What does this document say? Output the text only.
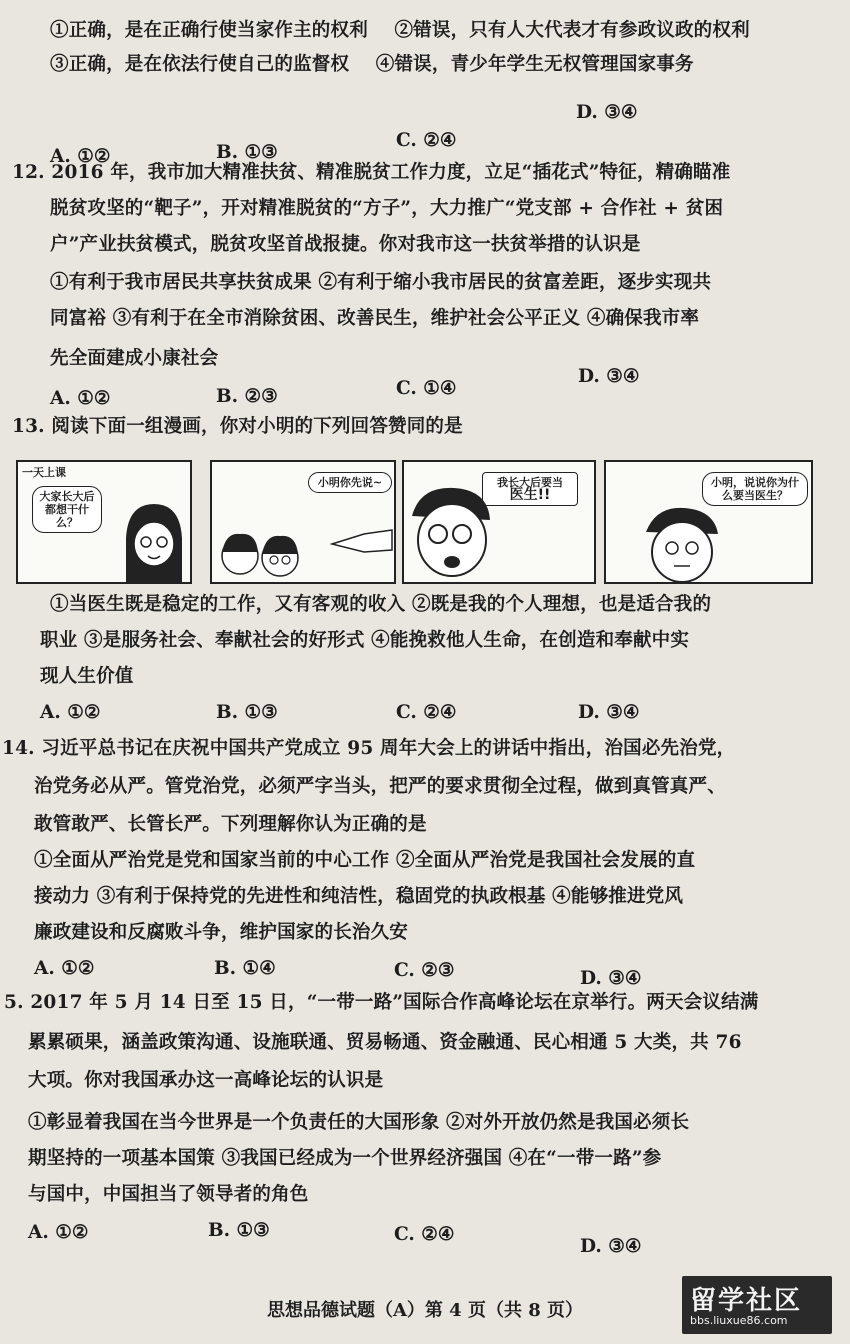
①正确，是在正确行使当家作主的权利 ②错误，只有人大代表才有参政议政的权利
③正确，是在依法行使自己的监督权 ④错误，青少年学生无权管理国家事务
A. ①②	B. ①③
C. ②④
D. ③④
12. 2016 年，我市加大精准扶贫、精准脱贫工作力度，立足“插花式”特征，精确瞄准
脱贫攻坚的“靶子”，开对精准脱贫的“方子”，大力推广“党支部 + 合作社 + 贫困
户”产业扶贫模式，脱贫攻坚首战报捷。你对我市这一扶贫举措的认识是
①有利于我市居民共享扶贫成果 ②有利于缩小我市居民的贫富差距，逐步实现共
同富裕 ③有利于在全市消除贫困、改善民生，维护社会公平正义 ④确保我市率
先全面建成小康社会
A. ①②	B. ②③	C. ①④
D. ③④
13. 阅读下面一组漫画，你对小明的下列回答赞同的是
一天上课
大家长大后都想干什么？
小明你先说~	我长大后要当
医生!!
小明，说说你为什么要当医生？
①当医生既是稳定的工作，又有客观的收入 ②既是我的个人理想，也是适合我的
职业 ③是服务社会、奉献社会的好形式 ④能挽救他人生命，在创造和奉献中实
现人生价值
A. ①②	B. ①③	C. ②④	D. ③④
14. 习近平总书记在庆祝中国共产党成立 95 周年大会上的讲话中指出，治国必先治党，
治党务必从严。管党治党，必须严字当头，把严的要求贯彻全过程，做到真管真严、
敢管敢严、长管长严。下列理解你认为正确的是
①全面从严治党是党和国家当前的中心工作 ②全面从严治党是我国社会发展的直
接动力 ③有利于保持党的先进性和纯洁性，稳固党的执政根基 ④能够推进党风
廉政建设和反腐败斗争，维护国家的长治久安
A. ①②	B. ①④	C. ②③	D. ③④
5. 2017 年 5 月 14 日至 15 日，“一带一路”国际合作高峰论坛在京举行。两天会议结满
累累硕果，涵盖政策沟通、设施联通、贸易畅通、资金融通、民心相通 5 大类，共 76
大项。你对我国承办这一高峰论坛的认识是
①彰显着我国在当今世界是一个负责任的大国形象 ②对外开放仍然是我国必须长
期坚持的一项基本国策 ③我国已经成为一个世界经济强国 ④在“一带一路”参
与国中，中国担当了领导者的角色
A. ①②	B. ①③	C. ②④
D. ③④
思想品德试题（A）第 4 页（共 8 页）	留学社区
bbs.liuxue86.com
